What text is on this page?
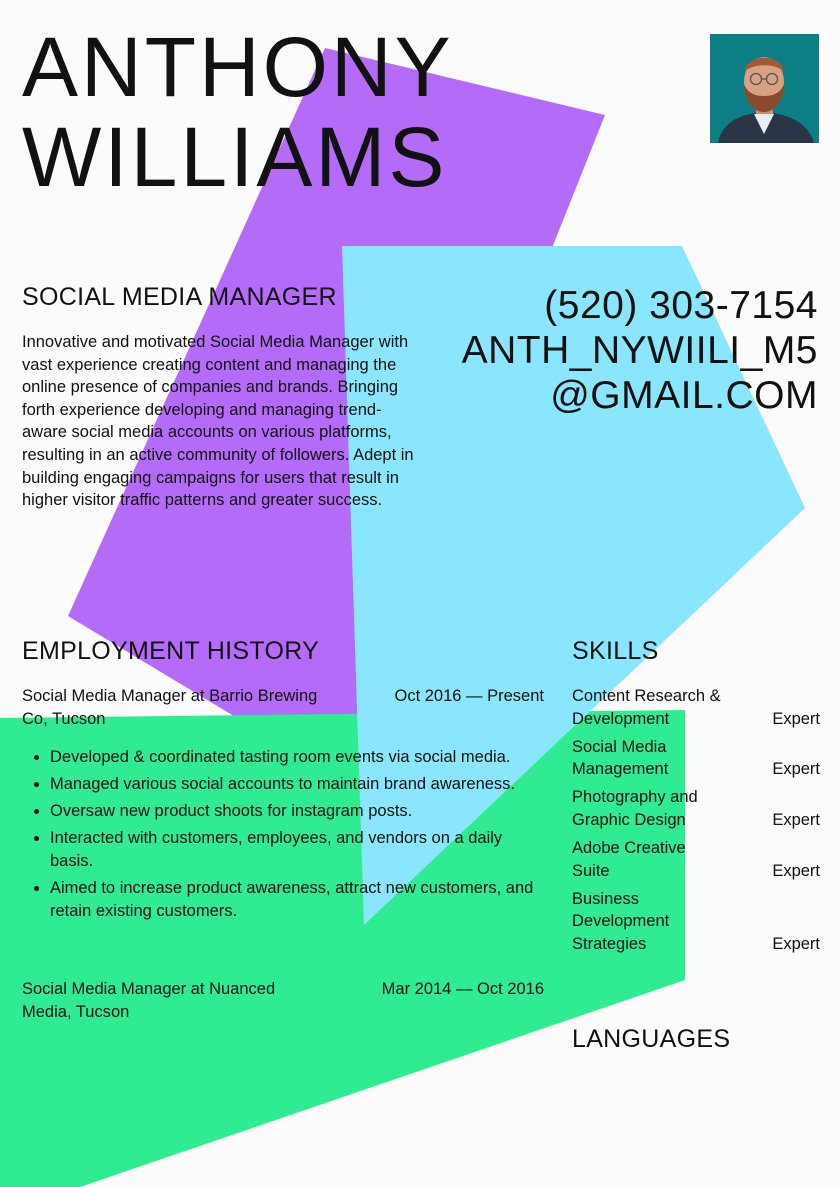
ANTHONY
WILLIAMS
SOCIAL MEDIA MANAGER

Innovative and motivated Social Media Manager with vast experience creating content and managing the online presence of companies and brands. Bringing forth experience developing and managing trend-aware social media accounts on various platforms, resulting in an active community of followers. Adept in building engaging campaigns for users that result in higher visitor traffic patterns and greater success.

(520) 303-7154
ANTH_NYWIILI_M5
@GMAIL.COM
EMPLOYMENT HISTORY
Social Media Manager at Barrio Brewing Co, Tucson
Oct 2016 — Present
• Developed & coordinated tasting room events via social media.
• Managed various social accounts to maintain brand awareness.
• Oversaw new product shoots for instagram posts.
• Interacted with customers, employees, and vendors on a daily basis.
• Aimed to increase product awareness, attract new customers, and retain existing customers.
Social Media Manager at Nuanced Media, Tucson
Mar 2014 — Oct 2016
SKILLS
Content Research & Development	Expert
Social Media Management	Expert
Photography and Graphic Design	Expert
Adobe Creative Suite	Expert
Business Development Strategies	Expert
LANGUAGES
